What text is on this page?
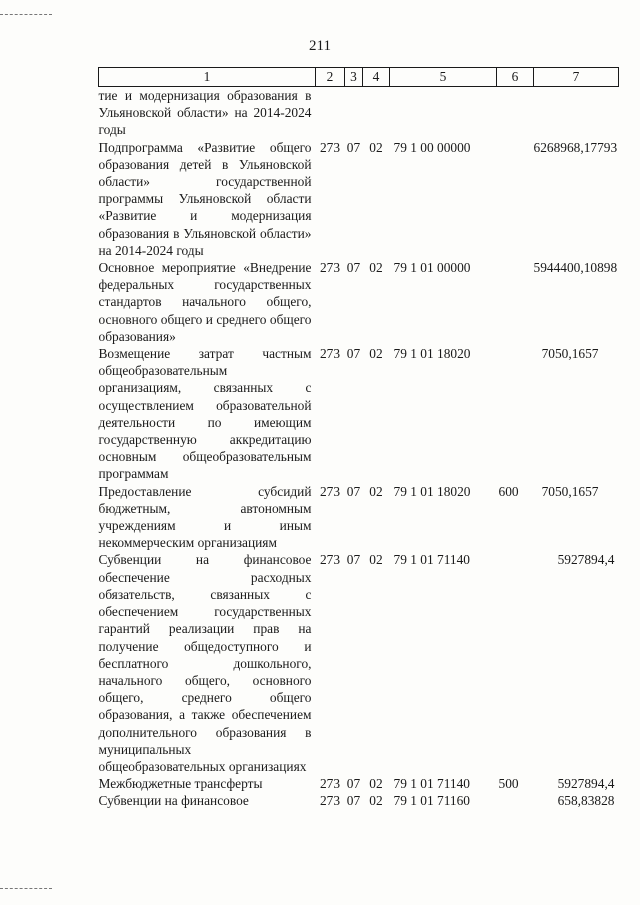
211
1	2	3	4	5	6	7
тие и модернизация образования в Ульяновской области» на 2014-2024 годы						
Подпрограмма «Развитие общего образования детей в Ульяновской области» государственной программы Ульяновской области «Развитие и модернизация образования в Ульяновской области» на 2014-2024 годы	273	07	02	79 1 00 00000		6268968,17793
Основное мероприятие «Внедрение федеральных государственных стандартов начального общего, основного общего и среднего общего образования»	273	07	02	79 1 01 00000		5944400,10898
Возмещение затрат частным общеобразовательным организациям, связанных с осуществлением образовательной деятельности по имеющим государственную аккредитацию основным общеобразовательным программам	273	07	02	79 1 01 18020		7050,1657
Предоставление субсидий бюджетным, автономным учреждениям и иным некоммерческим организациям	273	07	02	79 1 01 18020	600	7050,1657
Субвенции на финансовое обеспечение расходных обязательств, связанных с обеспечением государственных гарантий реализации прав на получение общедоступного и бесплатного дошкольного, начального общего, основного общего, среднего общего образования, а также обеспечением дополнительного образования в муниципальных общеобразовательных организациях	273	07	02	79 1 01 71140		5927894,4
Межбюджетные трансферты	273	07	02	79 1 01 71140	500	5927894,4
Субвенции на финансовое	273	07	02	79 1 01 71160		658,83828
